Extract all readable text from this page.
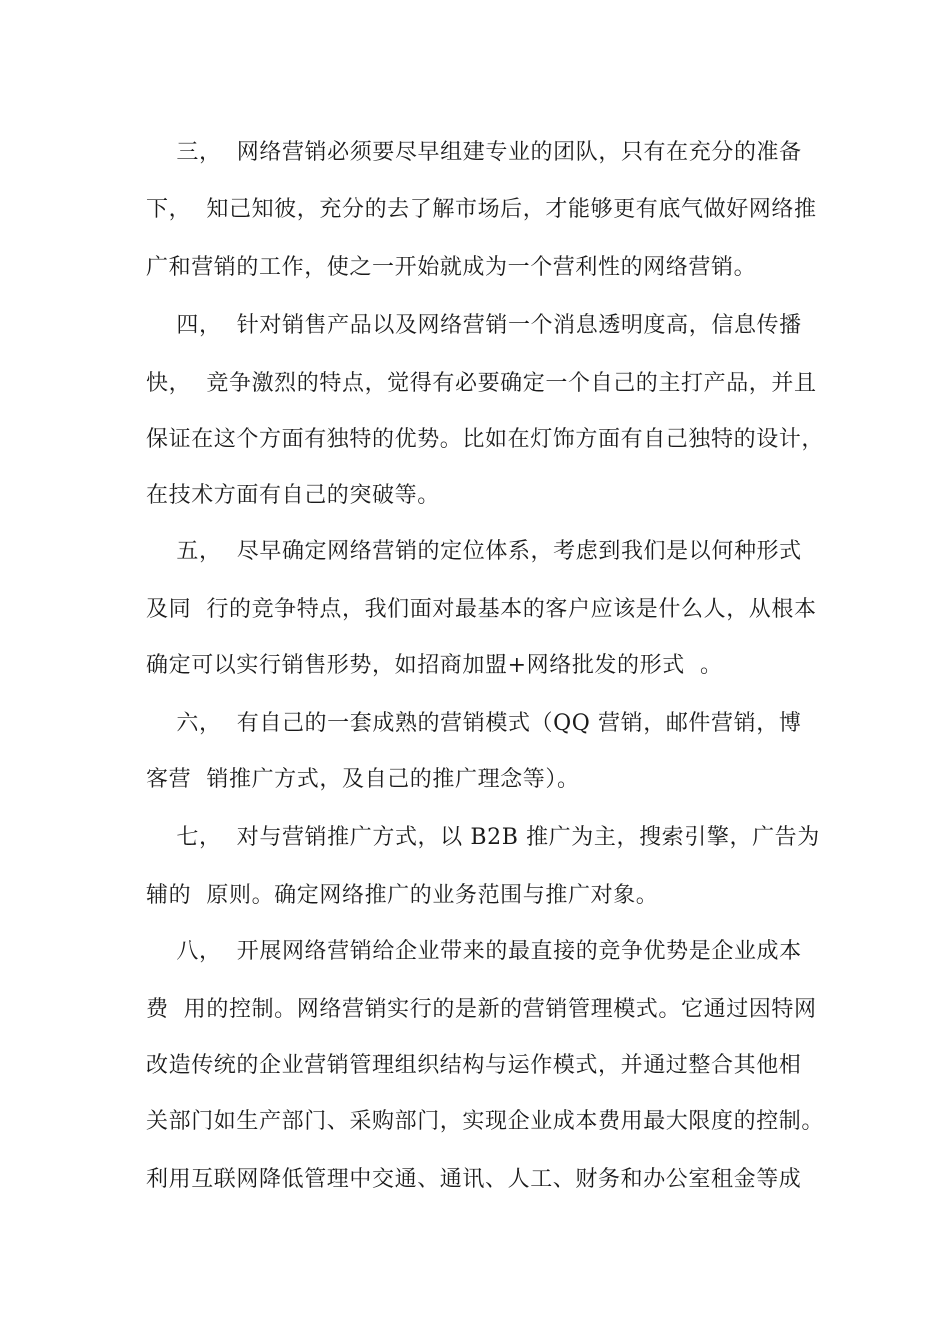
三，  网络营销必须要尽早组建专业的团队，只有在充分的准备
下，  知己知彼，充分的去了解市场后，才能够更有底气做好网络推
广和营销的工作，使之一开始就成为一个营利性的网络营销。
四，  针对销售产品以及网络营销一个消息透明度高，信息传播
快，  竞争激烈的特点，觉得有必要确定一个自己的主打产品，并且
保证在这个方面有独特的优势。比如在灯饰方面有自己独特的设计，
在技术方面有自己的突破等。
五，  尽早确定网络营销的定位体系，考虑到我们是以何种形式
及同  行的竞争特点，我们面对最基本的客户应该是什么人，从根本
确定可以实行销售形势，如招商加盟+网络批发的形式  。
六，  有自己的一套成熟的营销模式（QQ 营销，邮件营销，博
客营  销推广方式，及自己的推广理念等）。
七，  对与营销推广方式，以 B2B 推广为主，搜索引擎，广告为
辅的  原则。确定网络推广的业务范围与推广对象。
八，  开展网络营销给企业带来的最直接的竞争优势是企业成本
费  用的控制。网络营销实行的是新的营销管理模式。它通过因特网
改造传统的企业营销管理组织结构与运作模式，并通过整合其他相
关部门如生产部门、采购部门，实现企业成本费用最大限度的控制。
利用互联网降低管理中交通、通讯、人工、财务和办公室租金等成
